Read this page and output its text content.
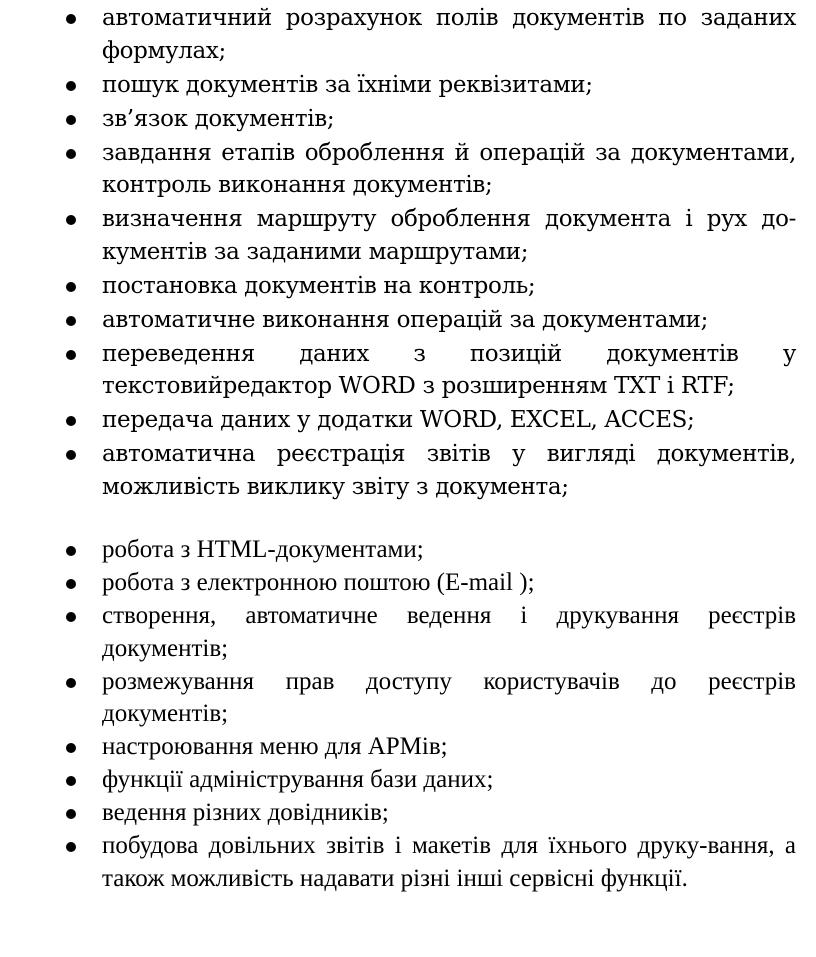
автоматичний розрахунок полів документів по заданих формулах;
пошук документів за їхніми реквізитами;
зв’язок документів;
завдання етапів оброблення й операцій за документами, контроль виконання документів;
визначення маршруту оброблення документа і рух до-кументів за заданими маршрутами;
постановка документів на контроль;
автоматичне виконання операцій за документами;
переведення даних з позицій документів у текстовийредактор WORD з розширенням TXT і RTF;
передача даних у додатки WORD, EXCEL, ACCES;
автоматична реєстрація звітів у вигляді документів, можливість виклику звіту з документа;
робота з HTML-документами;
робота з електронною поштою (E-mail );
створення, автоматичне ведення і друкування реєстрів документів;
розмежування прав доступу користувачів до реєстрів документів;
настроювання меню для АРМів;
функції адміністрування бази даних;
ведення різних довідників;
побудова довільних звітів і макетів для їхнього друку-вання, а також можливість надавати різні інші сервісні функції.
